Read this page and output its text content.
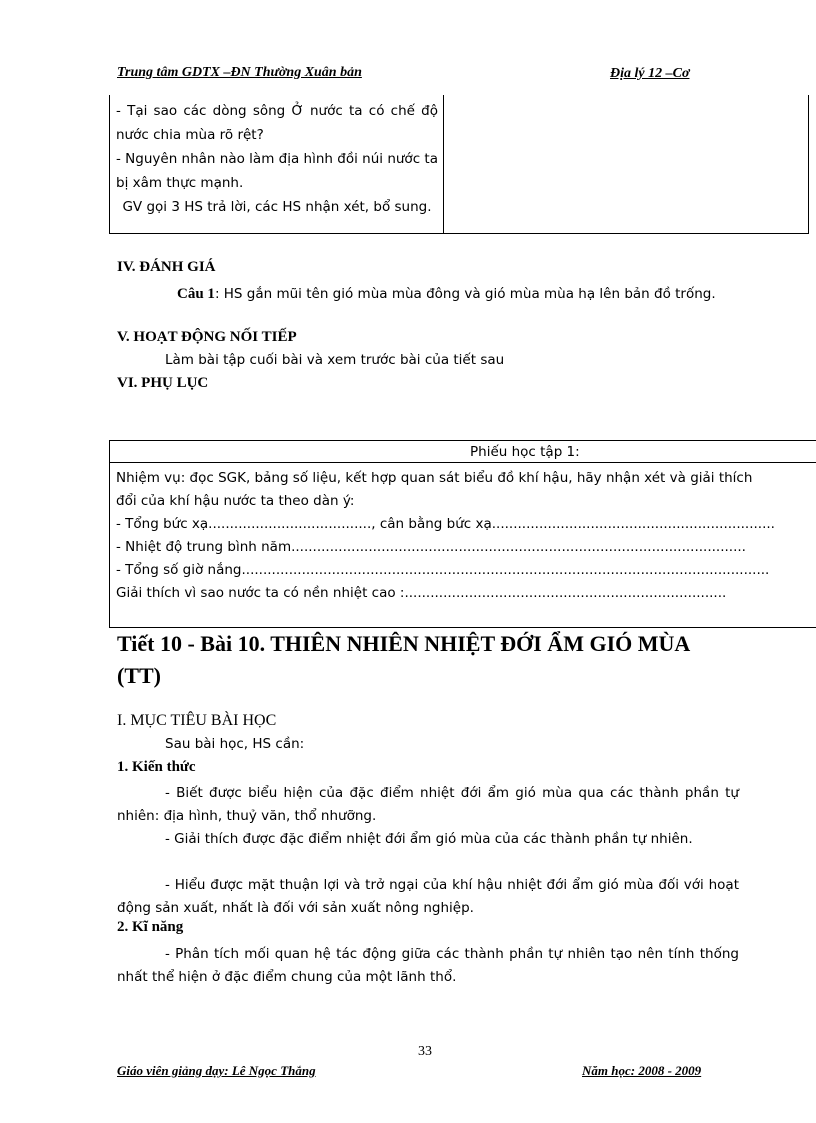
Trung tâm GDTX –ĐN Thường Xuân bản	Địa lý 12 –Cơ
- Tại sao các dòng sông Ở nước ta có chế độ nước chia mùa rõ rệt?
- Nguyên nhân nào làm địa hình đồi núi nước ta bị xâm thực mạnh.
GV gọi 3 HS trả lời, các HS nhận xét, bổ sung.
IV. ĐÁNH GIÁ
Câu 1: HS gắn mũi tên gió mùa mùa đông và gió mùa mùa hạ lên bản đồ trống.
V. HOẠT ĐỘNG NỐI TIẾP
Làm bài tập cuối bài và xem trước bài của tiết sau
VI. PHỤ LỤC
Phiếu học tập 1:
Nhiệm vụ: đọc SGK, bảng số liệu, kết hợp quan sát biểu đồ khí hậu, hãy nhận xét và giải thích
đổi của khí hậu nước ta theo dàn ý:
- Tổng bức xạ......................................, cân bằng bức xạ..................................................................
- Nhiệt độ trung bình năm..........................................................................................................
- Tổng số giờ nắng...........................................................................................................................
Giải thích vì sao nước ta có nền nhiệt cao :...........................................................................
Tiết 10 - Bài 10. THIÊN NHIÊN NHIỆT ĐỚI ẨM GIÓ MÙA (TT)
I. MỤC TIÊU BÀI HỌC
Sau bài học, HS cần:
1. Kiến thức
- Biết được biểu hiện của đặc điểm nhiệt đới ẩm gió mùa qua các thành phần tự nhiên: địa hình, thuỷ văn, thổ nhưỡng.
- Giải thích được đặc điểm nhiệt đới ẩm gió mùa của các thành phần tự nhiên.
- Hiểu được mặt thuận lợi và trở ngại của khí hậu nhiệt đới ẩm gió mùa đối với hoạt động sản xuất, nhất là đối với sản xuất nông nghiệp.
2. Kĩ năng
- Phân tích mối quan hệ tác động giữa các thành phần tự nhiên tạo nên tính thống nhất thể hiện ở đặc điểm chung của một lãnh thổ.
33
Giáo viên giảng dạy: Lê Ngọc Thắng	Năm học: 2008 - 2009
